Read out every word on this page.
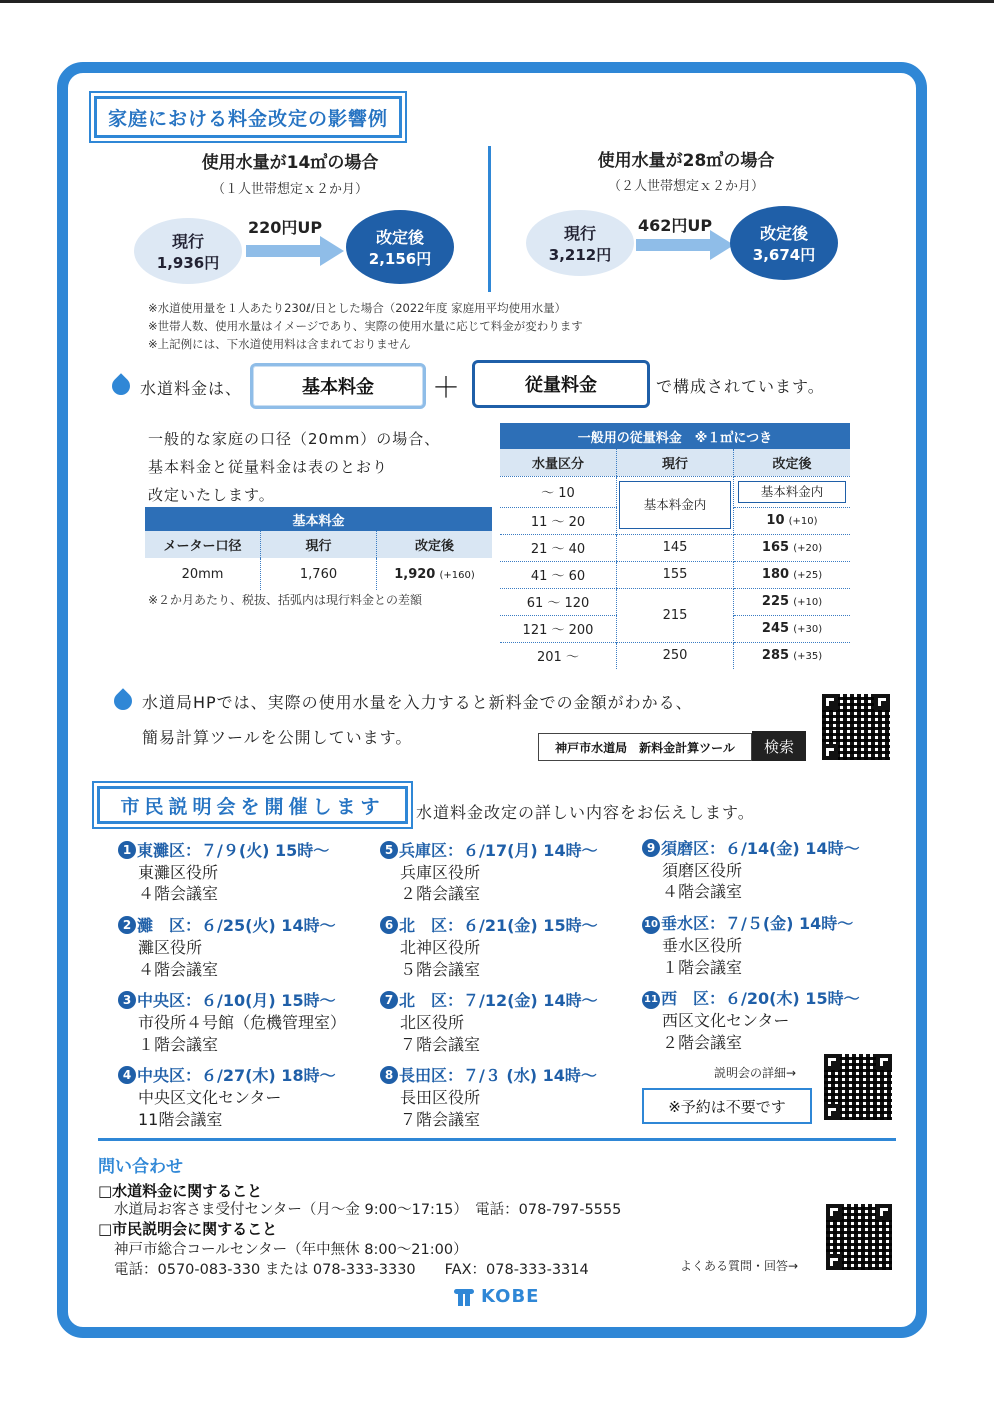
家庭における料金改定の影響例
使用水量が14㎥の場合
（１人世帯想定ｘ２か月）
現行
1,936円
220円UP
改定後
2,156円
使用水量が28㎥の場合
（２人世帯想定ｘ２か月）
現行
3,212円
462円UP	改定後
3,674円
※水道使用量を１人あたり230ℓ/日とした場合（2022年度 家庭用平均使用水量）
※世帯人数、使用水量はイメージであり、実際の使用水量に応じて料金が変わります
※上記例には、下水道使用料は含まれておりません
水道料金は、	基本料金	＋	従量料金	で構成されています。
一般的な家庭の口径（20mm）の場合、
基本料金と従量料金は表のとおり
改定いたします。
基本料金		
メーター口径	現行	改定後
20mm	1,760	1,920 (+160)
※２か月あたり、税抜、括弧内は現行料金との差額
一般用の従量料金　※１㎥につき		
水量区分	現行	改定後
～ 10	基本料金内	基本料金内

11 ～ 20		10 (+10)
21 ～ 40	145	165 (+20)
41 ～ 60	155	180 (+25)
61 ～ 120	215	225 (+10)
121 ～ 200		245 (+30)
201 ～	250	285 (+35)
水道局HPでは、実際の使用水量を入力すると新料金での金額がわかる、
簡易計算ツールを公開しています。
神戸市水道局　新料金計算ツール	検索
市民説明会を開催します	水道料金改定の詳しい内容をお伝えします。
1 東灘区：７/９(火) 15時～
東灘区役所
４階会議室
2 灘　区：６/25(火) 14時～
灘区役所
４階会議室
3 中央区：６/10(月) 15時～
市役所４号館（危機管理室）
１階会議室
4 中央区：６/27(木) 18時～
中央区文化センター
11階会議室
5 兵庫区：６/17(月) 14時～
兵庫区役所
２階会議室
6 北　区：６/21(金) 15時～
北神区役所
５階会議室
7 北　区：７/12(金) 14時～
北区役所
７階会議室
8 長田区：７/３ (水) 14時～
長田区役所
７階会議室
9 須磨区：６/14(金) 14時～
須磨区役所
４階会議室
10 垂水区：７/５(金) 14時～
垂水区役所
１階会議室
11 西　区：６/20(木) 15時～
西区文化センター
２階会議室
説明会の詳細→
※予約は不要です
問い合わせ
□水道料金に関すること
水道局お客さま受付センター（月～金 9:00～17:15）　電話：078-797-5555
□市民説明会に関すること
神戸市総合コールセンター（年中無休 8:00～21:00）
電話：0570-083-330 または 078-333-3330　　FAX：078-333-3314	よくある質問・回答→
KOBE
